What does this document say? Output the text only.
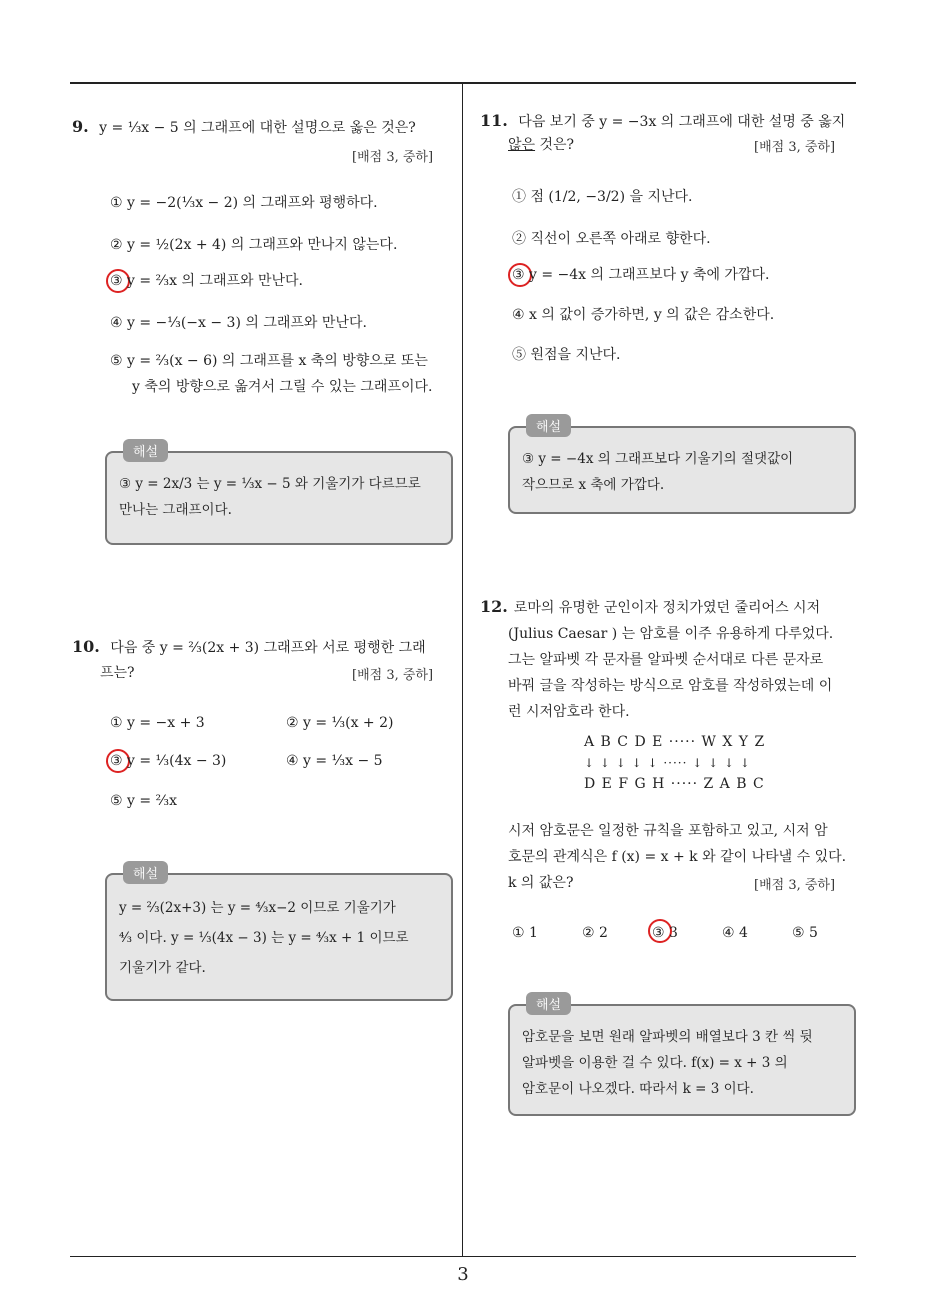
3
9. y = ⅓x − 5 의 그래프에 대한 설명으로 옳은 것은?
[배점 3, 중하]
① y = −2(⅓x − 2) 의 그래프와 평행하다.
② y = ½(2x + 4) 의 그래프와 만나지 않는다.
③ y = ⅔x 의 그래프와 만난다.
④ y = −⅓(−x − 3) 의 그래프와 만난다.
⑤ y = ⅔(x − 6) 의 그래프를 x 축의 방향으로 또는
y 축의 방향으로 옮겨서 그릴 수 있는 그래프이다.
해설
③ y = 2x/3 는 y = ⅓x − 5 와 기울기가 다르므로
만나는 그래프이다.
10. 다음 중 y = ⅔(2x + 3) 그래프와 서로 평행한 그래
프는?	[배점 3, 중하]
① y = −x + 3	② y = ⅓(x + 2)
③ y = ⅓(4x − 3)	④ y = ⅓x − 5
⑤ y = ⅔x
해설
y = ⅔(2x+3) 는 y = ⁴⁄₃x−2 이므로 기울기가
⁴⁄₃ 이다. y = ⅓(4x − 3) 는 y = ⁴⁄₃x + 1 이므로
기울기가 같다.
11. 다음 보기 중 y = −3x 의 그래프에 대한 설명 중 옳지
않은 것은?	[배점 3, 중하]
① 점 (1/2, −3/2) 을 지난다.
② 직선이 오른쪽 아래로 향한다.
③ y = −4x 의 그래프보다 y 축에 가깝다.
④ x 의 값이 증가하면, y 의 값은 감소한다.
⑤ 원점을 지난다.
해설
③ y = −4x 의 그래프보다 기울기의 절댓값이
작으므로 x 축에 가깝다.
12. 로마의 유명한 군인이자 정치가였던 줄리어스 시저
(Julius Caesar ) 는 암호를 이주 유용하게 다루었다.
그는 알파벳 각 문자를 알파벳 순서대로 다른 문자로
바꿔 글을 작성하는 방식으로 암호를 작성하였는데 이
런 시저암호라 한다.
A B C D E ····· W X Y Z
↓ ↓ ↓ ↓ ↓ ····· ↓ ↓ ↓ ↓
D E F G H ····· Z A B C
시저 암호문은 일정한 규칙을 포함하고 있고, 시저 암
호문의 관계식은 f (x) = x + k 와 같이 나타낼 수 있다.
k 의 값은?	[배점 3, 중하]
① 1	② 2	③ 3	④ 4	⑤ 5
해설
암호문을 보면 원래 알파벳의 배열보다 3 칸 씩 뒷
알파벳을 이용한 걸 수 있다. f(x) = x + 3 의
암호문이 나오겠다. 따라서 k = 3 이다.
